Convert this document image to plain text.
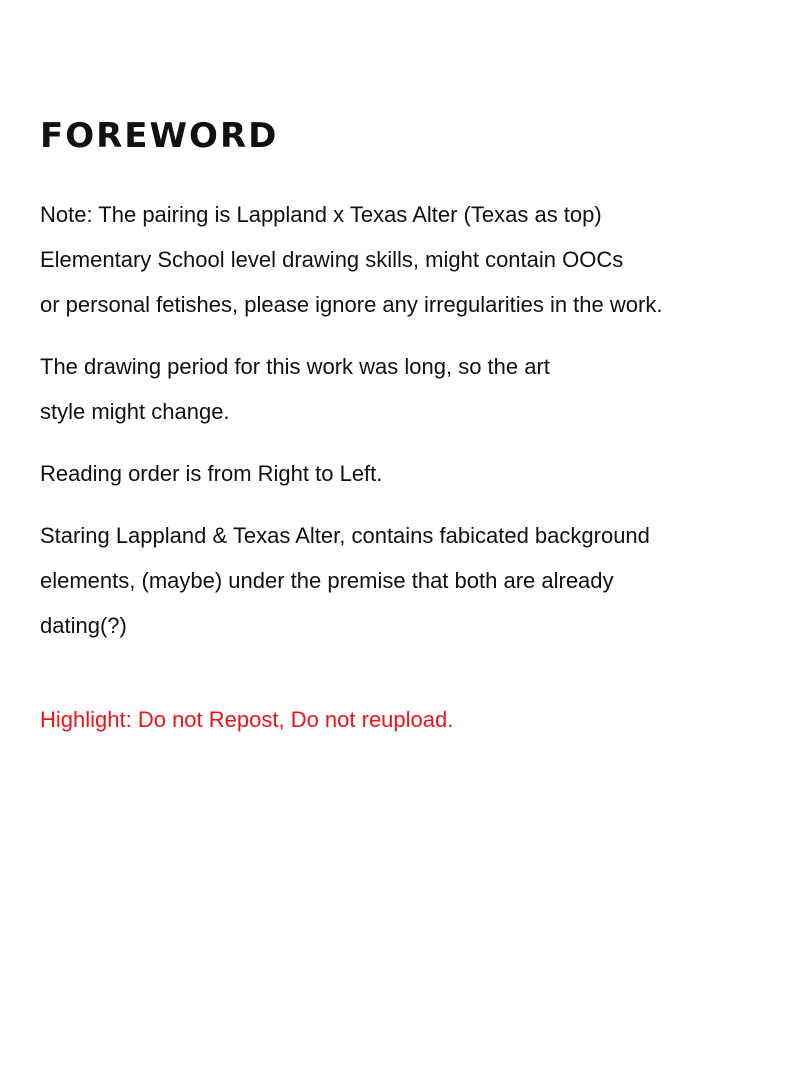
FOREWORD
Note: The pairing is Lappland x Texas Alter (Texas as top)
Elementary School level drawing skills, might contain OOCs
or personal fetishes, please ignore any irregularities in the work.
The drawing period for this work was long, so the art
style might change.
Reading order is from Right to Left.
Staring Lappland & Texas Alter, contains fabicated background
elements, (maybe) under the premise that both are already
dating(?)
Highlight: Do not Repost, Do not reupload.
